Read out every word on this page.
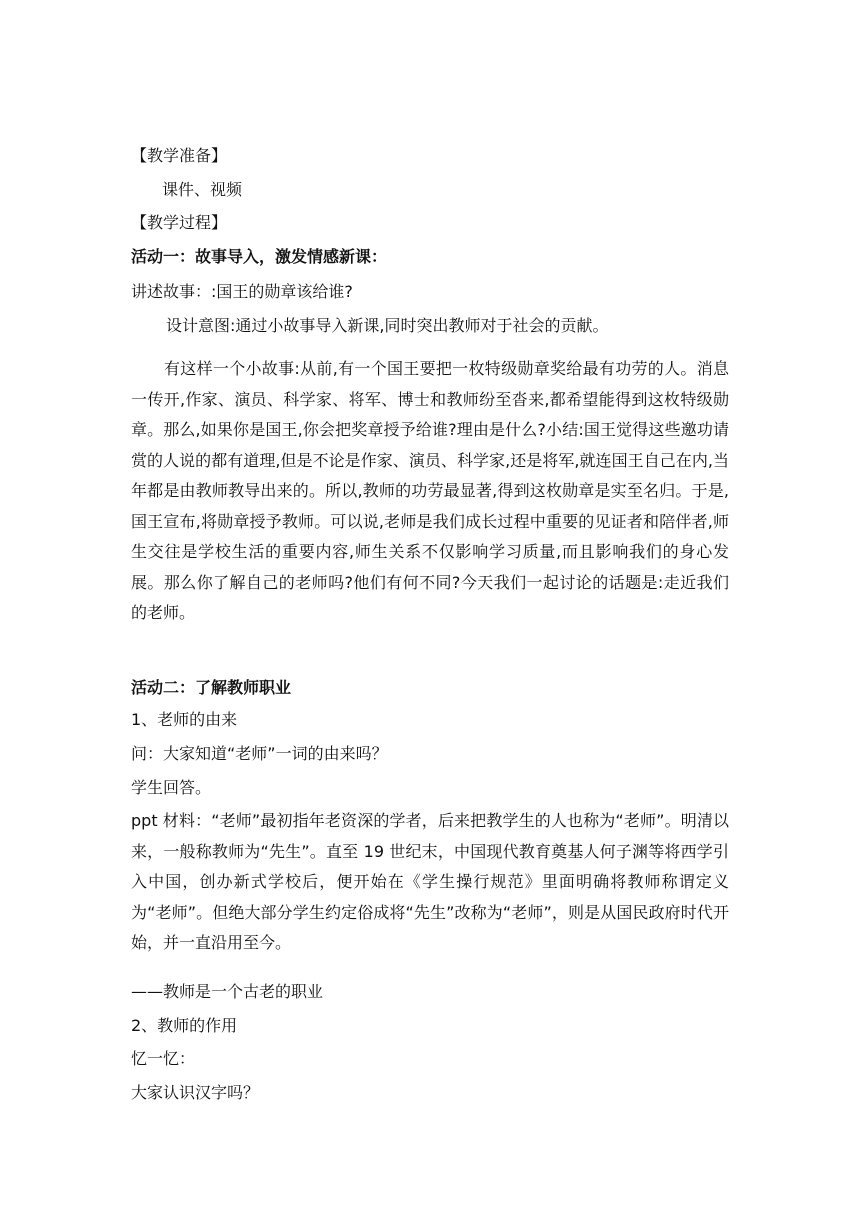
【教学准备】
课件、视频
【教学过程】
活动一：故事导入，激发情感新课：
讲述故事：:国王的勋章该给谁?
设计意图:通过小故事导入新课,同时突出教师对于社会的贡献。
有这样一个小故事:从前,有一个国王要把一枚特级勋章奖给最有功劳的人。消息一传开,作家、演员、科学家、将军、博士和教师纷至沓来,都希望能得到这枚特级勋章。那么,如果你是国王,你会把奖章授予给谁?理由是什么?小结:国王觉得这些邀功请赏的人说的都有道理,但是不论是作家、演员、科学家,还是将军,就连国王自己在内,当年都是由教师教导出来的。所以,教师的功劳最显著,得到这枚勋章是实至名归。于是,国王宣布,将勋章授予教师。可以说,老师是我们成长过程中重要的见证者和陪伴者,师生交往是学校生活的重要内容,师生关系不仅影响学习质量,而且影响我们的身心发展。那么你了解自己的老师吗?他们有何不同?今天我们一起讨论的话题是:走近我们的老师。
活动二：了解教师职业
1、老师的由来
问：大家知道“老师”一词的由来吗？
学生回答。
ppt 材料：“老师”最初指年老资深的学者，后来把教学生的人也称为“老师”。明清以来，一般称教师为“先生”。直至 19 世纪末，中国现代教育奠基人何子渊等将西学引入中国，创办新式学校后，便开始在《学生操行规范》里面明确将教师称谓定义为“老师”。但绝大部分学生约定俗成将“先生”改称为“老师”，则是从国民政府时代开始，并一直沿用至今。
——教师是一个古老的职业
2、教师的作用
忆一忆：
大家认识汉字吗？
